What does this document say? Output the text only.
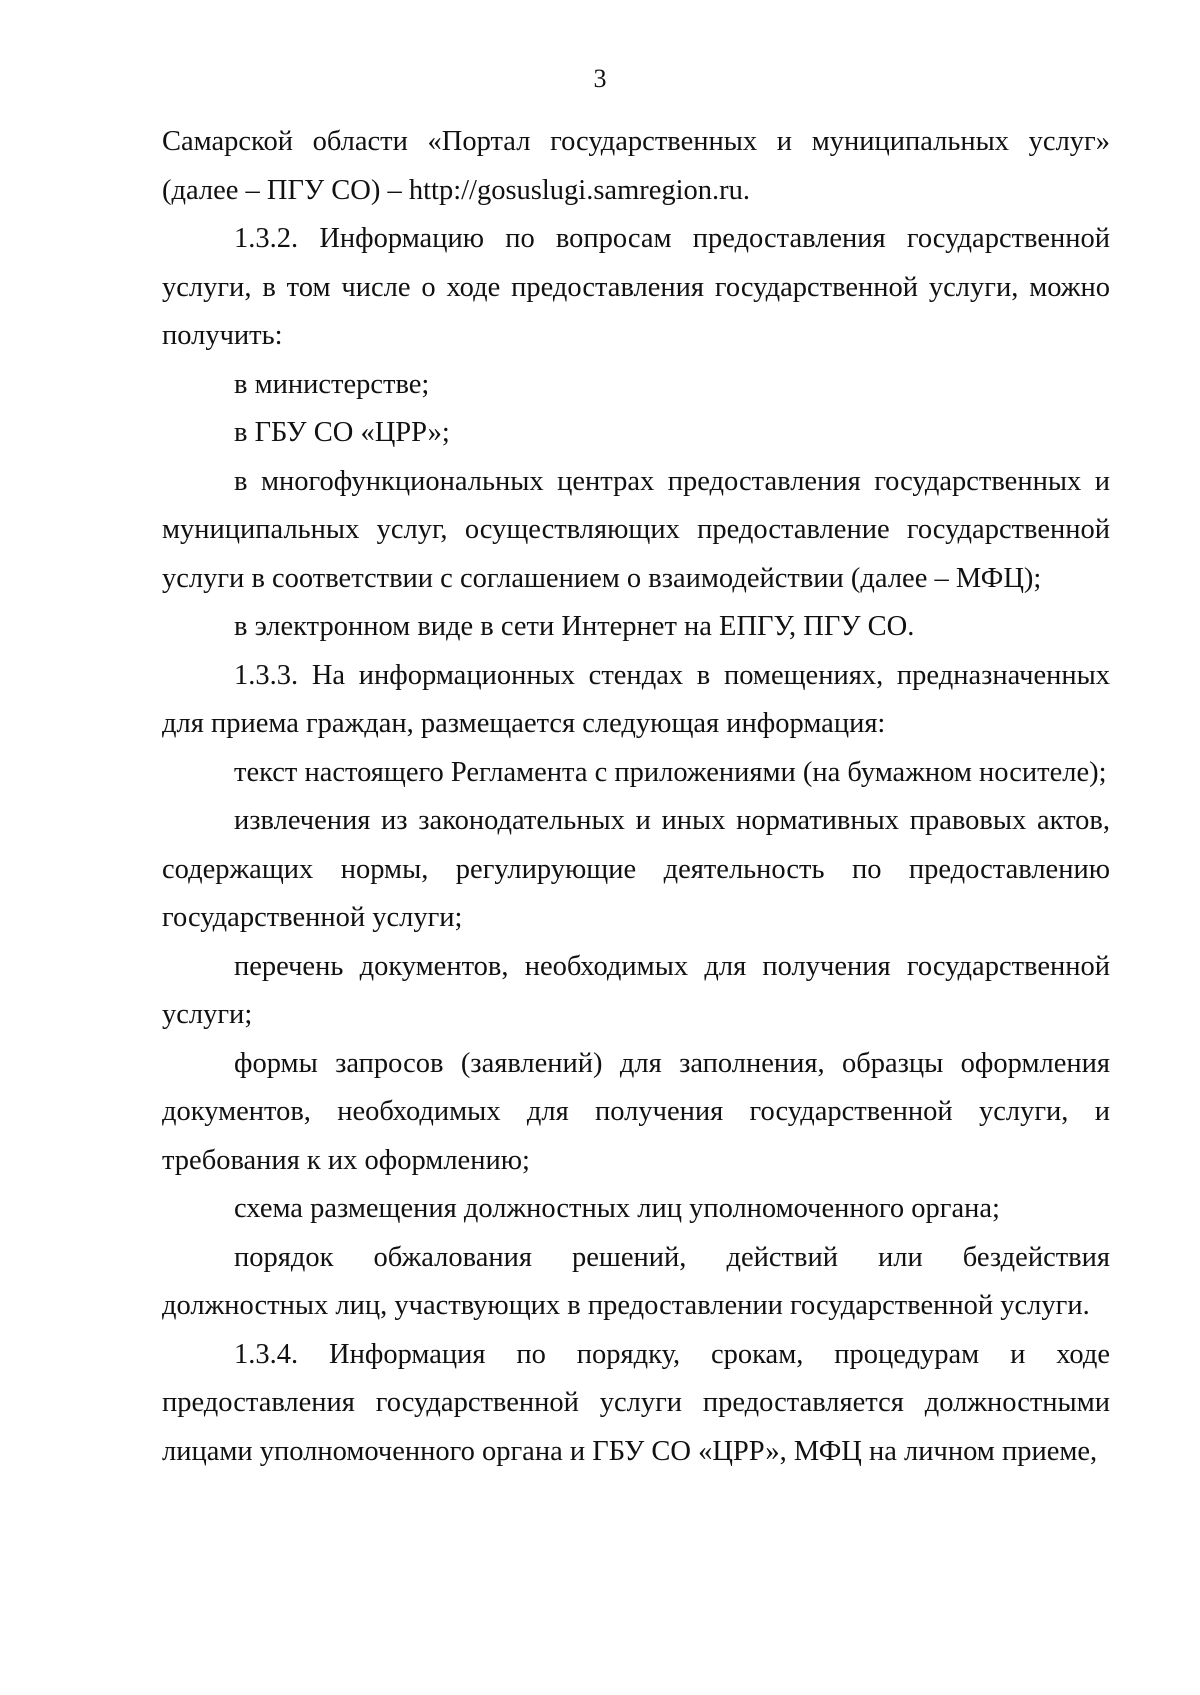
3

Самарской области «Портал государственных и муниципальных услуг» (далее – ПГУ СО) – http://gosuslugi.samregion.ru.

1.3.2. Информацию по вопросам предоставления государственной услуги, в том числе о ходе предоставления государственной услуги, можно получить:

в министерстве;

в ГБУ СО «ЦРР»;

в многофункциональных центрах предоставления государственных и муниципальных услуг, осуществляющих предоставление государственной услуги в соответствии с соглашением о взаимодействии (далее – МФЦ);

в электронном виде в сети Интернет на ЕПГУ, ПГУ СО.

1.3.3. На информационных стендах в помещениях, предназначенных для приема граждан, размещается следующая информация:

текст настоящего Регламента с приложениями (на бумажном носителе);

извлечения из законодательных и иных нормативных правовых актов, содержащих нормы, регулирующие деятельность по предоставлению государственной услуги;

перечень документов, необходимых для получения государственной услуги;

формы запросов (заявлений) для заполнения, образцы оформления документов, необходимых для получения государственной услуги, и требования к их оформлению;

схема размещения должностных лиц уполномоченного органа;

порядок обжалования решений, действий или бездействия должностных лиц, участвующих в предоставлении государственной услуги.

1.3.4. Информация по порядку, срокам, процедурам и ходе предоставления государственной услуги предоставляется должностными лицами уполномоченного органа и ГБУ СО «ЦРР», МФЦ на личном приеме,
